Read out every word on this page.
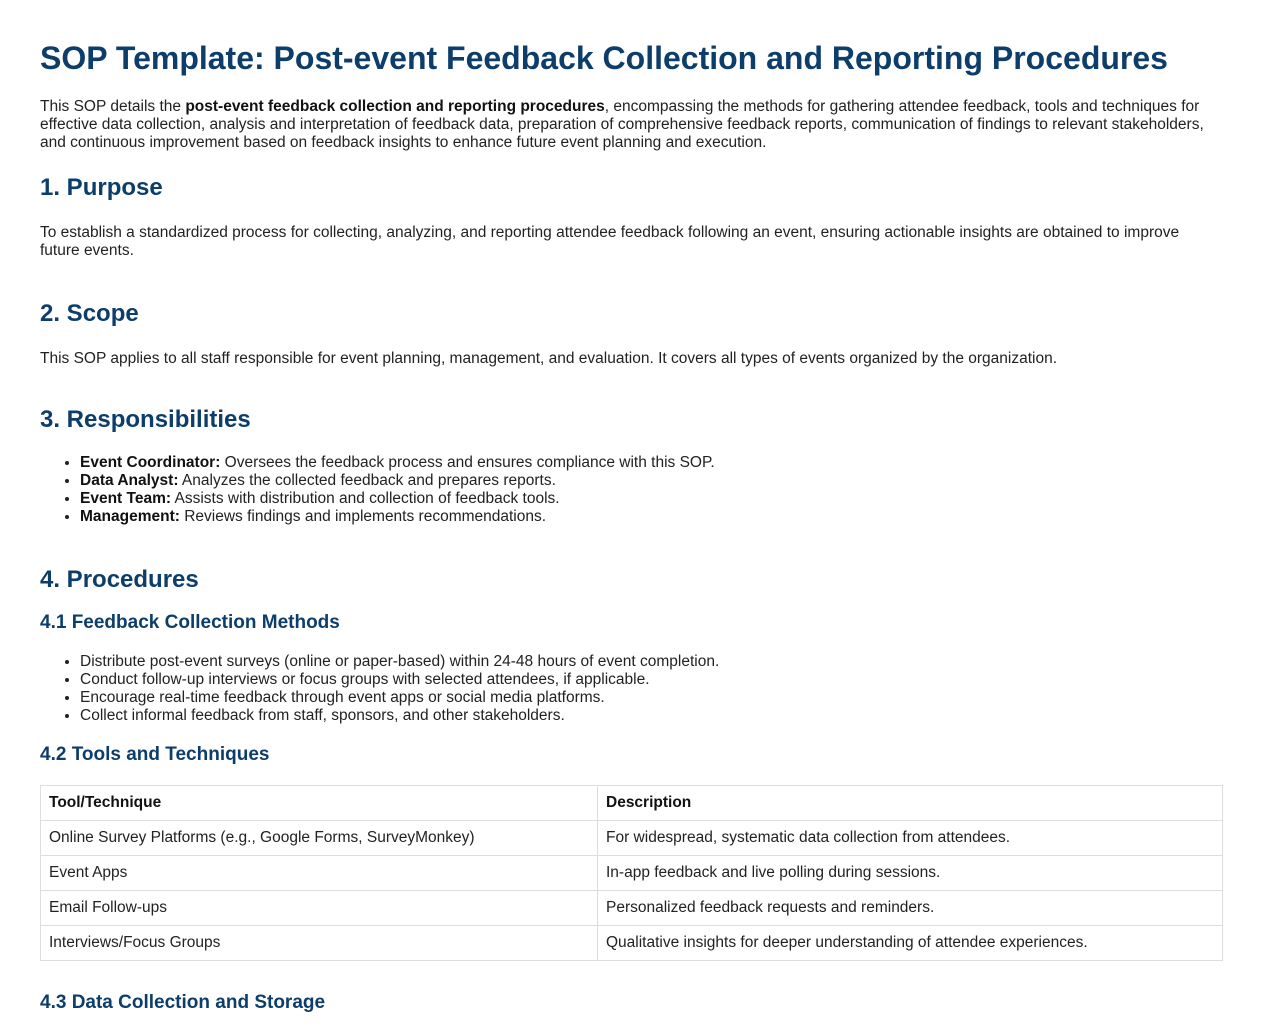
SOP Template: Post-event Feedback Collection and Reporting Procedures

This SOP details the post-event feedback collection and reporting procedures, encompassing the methods for gathering attendee feedback, tools and techniques for effective data collection, analysis and interpretation of feedback data, preparation of comprehensive feedback reports, communication of findings to relevant stakeholders, and continuous improvement based on feedback insights to enhance future event planning and execution.

1. Purpose

To establish a standardized process for collecting, analyzing, and reporting attendee feedback following an event, ensuring actionable insights are obtained to improve future events.

2. Scope

This SOP applies to all staff responsible for event planning, management, and evaluation. It covers all types of events organized by the organization.

3. Responsibilities
• Event Coordinator: Oversees the feedback process and ensures compliance with this SOP.
• Data Analyst: Analyzes the collected feedback and prepares reports.
• Event Team: Assists with distribution and collection of feedback tools.
• Management: Reviews findings and implements recommendations.
4. Procedures
4.1 Feedback Collection Methods
• Distribute post-event surveys (online or paper-based) within 24-48 hours of event completion.
• Conduct follow-up interviews or focus groups with selected attendees, if applicable.
• Encourage real-time feedback through event apps or social media platforms.
• Collect informal feedback from staff, sponsors, and other stakeholders.
4.2 Tools and Techniques
Tool/Technique	Description
Online Survey Platforms (e.g., Google Forms, SurveyMonkey)	For widespread, systematic data collection from attendees.
Event Apps	In-app feedback and live polling during sessions.
Email Follow-ups	Personalized feedback requests and reminders.
Interviews/Focus Groups	Qualitative insights for deeper understanding of attendee experiences.
4.3 Data Collection and Storage
